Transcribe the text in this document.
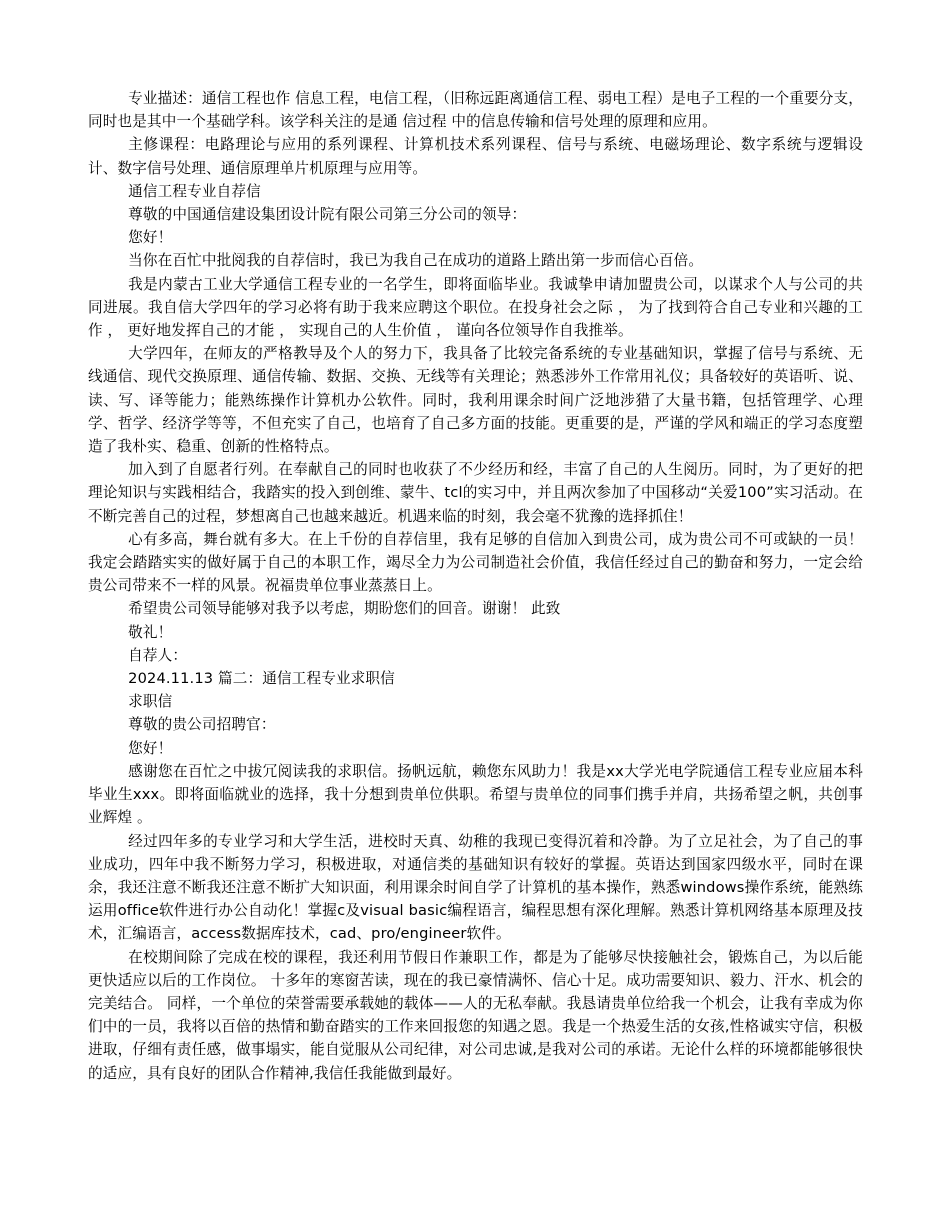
专业描述：通信工程也作 信息工程，电信工程，（旧称远距离通信工程、弱电工程）是电子工程的一个重要分支，同时也是其中一个基础学科。该学科关注的是通 信过程 中的信息传输和信号处理的原理和应用。

主修课程：电路理论与应用的系列课程、计算机技术系列课程、信号与系统、电磁场理论、数字系统与逻辑设计、数字信号处理、通信原理单片机原理与应用等。

通信工程专业自荐信

尊敬的中国通信建设集团设计院有限公司第三分公司的领导：

您好！

当你在百忙中批阅我的自荐信时，我已为我自己在成功的道路上踏出第一步而信心百倍。

我是内蒙古工业大学通信工程专业的一名学生，即将面临毕业。我诚挚申请加盟贵公司，以谋求个人与公司的共同进展。我自信大学四年的学习必将有助于我来应聘这个职位。在投身社会之际 ， 为了找到符合自己专业和兴趣的工作 ， 更好地发挥自己的才能 ， 实现自己的人生价值 ， 谨向各位领导作自我推举。

大学四年，在师友的严格教导及个人的努力下，我具备了比较完备系统的专业基础知识，掌握了信号与系统、无线通信、现代交换原理、通信传输、数据、交换、无线等有关理论；熟悉涉外工作常用礼仪；具备较好的英语听、说、读、写、译等能力；能熟练操作计算机办公软件。同时，我利用课余时间广泛地涉猎了大量书籍，包括管理学、心理学、哲学、经济学等等，不但充实了自己，也培育了自己多方面的技能。更重要的是，严谨的学风和端正的学习态度塑造了我朴实、稳重、创新的性格特点。

加入到了自愿者行列。在奉献自己的同时也收获了不少经历和经，丰富了自己的人生阅历。同时，为了更好的把理论知识与实践相结合，我踏实的投入到创维、蒙牛、tcl的实习中，并且两次参加了中国移动“关爱100”实习活动。在不断完善自己的过程，梦想离自己也越来越近。机遇来临的时刻，我会毫不犹豫的选择抓住！

心有多高，舞台就有多大。在上千份的自荐信里，我有足够的自信加入到贵公司，成为贵公司不可或缺的一员！我定会踏踏实实的做好属于自己的本职工作，竭尽全力为公司制造社会价值，我信任经过自己的勤奋和努力，一定会给贵公司带来不一样的风景。祝福贵单位事业蒸蒸日上。

希望贵公司领导能够对我予以考虑，期盼您们的回音。谢谢！ 此致

敬礼！

自荐人：

2024.11.13 篇二：通信工程专业求职信

求职信

尊敬的贵公司招聘官：

您好！

感谢您在百忙之中拔冗阅读我的求职信。扬帆远航，赖您东风助力！我是xx大学光电学院通信工程专业应届本科毕业生xxx。即将面临就业的选择，我十分想到贵单位供职。希望与贵单位的同事们携手并肩，共扬希望之帆，共创事业辉煌 。

经过四年多的专业学习和大学生活，进校时天真、幼稚的我现已变得沉着和冷静。为了立足社会，为了自己的事业成功，四年中我不断努力学习，积极进取，对通信类的基础知识有较好的掌握。英语达到国家四级水平，同时在课余，我还注意不断我还注意不断扩大知识面，利用课余时间自学了计算机的基本操作，熟悉windows操作系统，能熟练运用office软件进行办公自动化！掌握c及visual basic编程语言，编程思想有深化理解。熟悉计算机网络基本原理及技术，汇编语言，access数据库技术，cad、pro/engineer软件。

在校期间除了完成在校的课程，我还利用节假日作兼职工作，都是为了能够尽快接触社会，锻炼自己，为以后能更快适应以后的工作岗位。 十多年的寒窗苦读，现在的我已豪情满怀、信心十足。成功需要知识、毅力、汗水、机会的完美结合。 同样，一个单位的荣誉需要承载她的载体——人的无私奉献。我恳请贵单位给我一个机会，让我有幸成为你们中的一员，我将以百倍的热情和勤奋踏实的工作来回报您的知遇之恩。我是一个热爱生活的女孩,性格诚实守信，积极进取，仔细有责任感，做事塌实，能自觉服从公司纪律，对公司忠诚,是我对公司的承诺。无论什么样的环境都能够很快的适应，具有良好的团队合作精神,我信任我能做到最好。
